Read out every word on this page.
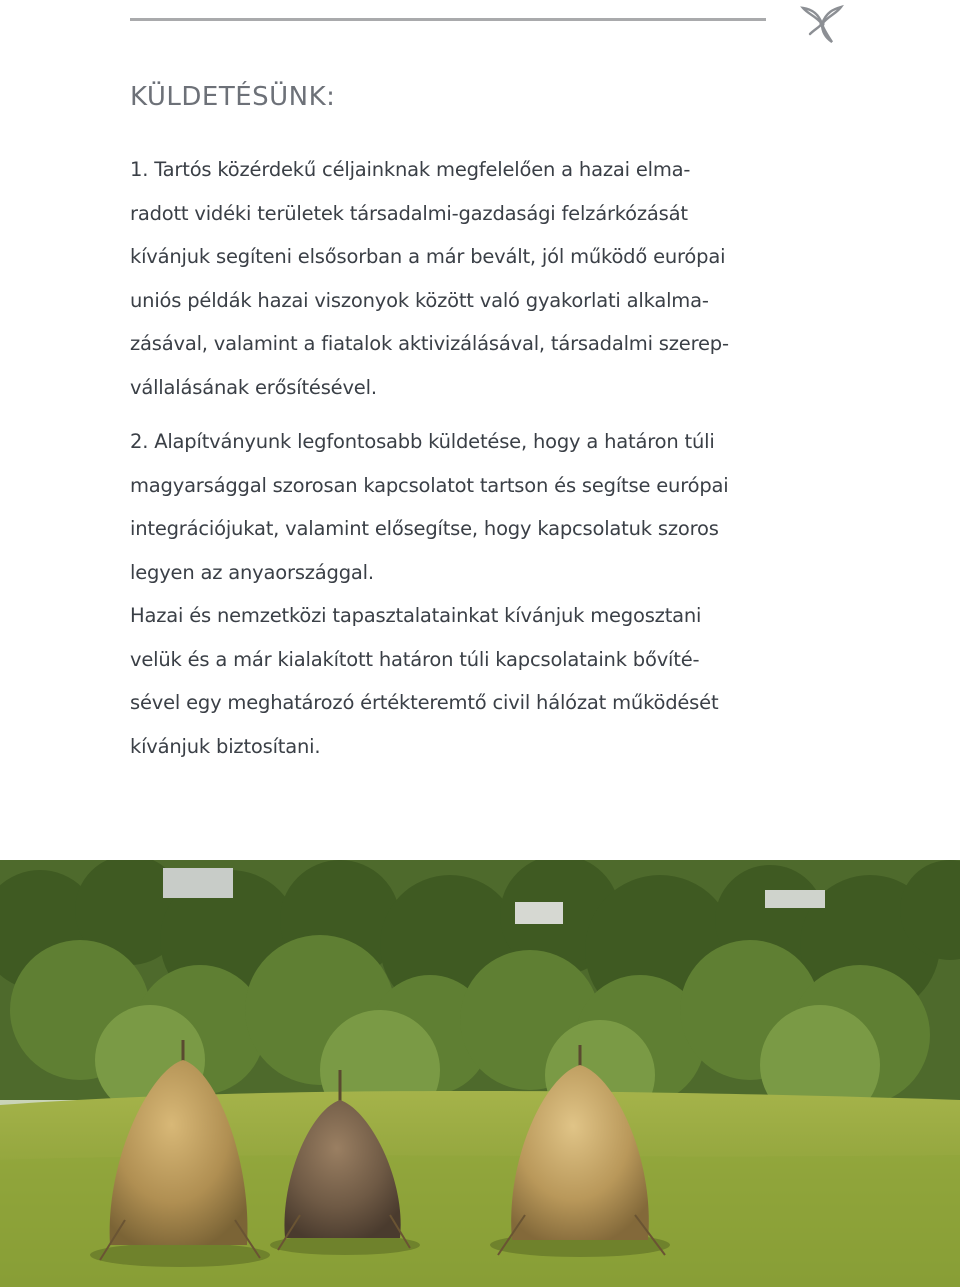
KÜLDETÉSÜNK:
1. Tartós közérdekű céljainknak megfelelően a hazai elma-
radott vidéki területek társadalmi-gazdasági felzárkózását
kívánjuk segíteni elsősorban a már bevált, jól működő európai
uniós példák hazai viszonyok között való gyakorlati alkalma-
zásával, valamint a fiatalok aktivizálásával, társadalmi szerep-
vállalásának erősítésével.
2. Alapítványunk legfontosabb küldetése, hogy a határon túli
magyarsággal szorosan kapcsolatot tartson és segítse európai
integrációjukat, valamint elősegítse, hogy kapcsolatuk szoros
legyen az anyaországgal.
Hazai és nemzetközi tapasztalatainkat kívánjuk megosztani
velük és a már kialakított határon túli kapcsolataink bővíté-
sével egy meghatározó értékteremtő civil hálózat működését
kívánjuk biztosítani.
